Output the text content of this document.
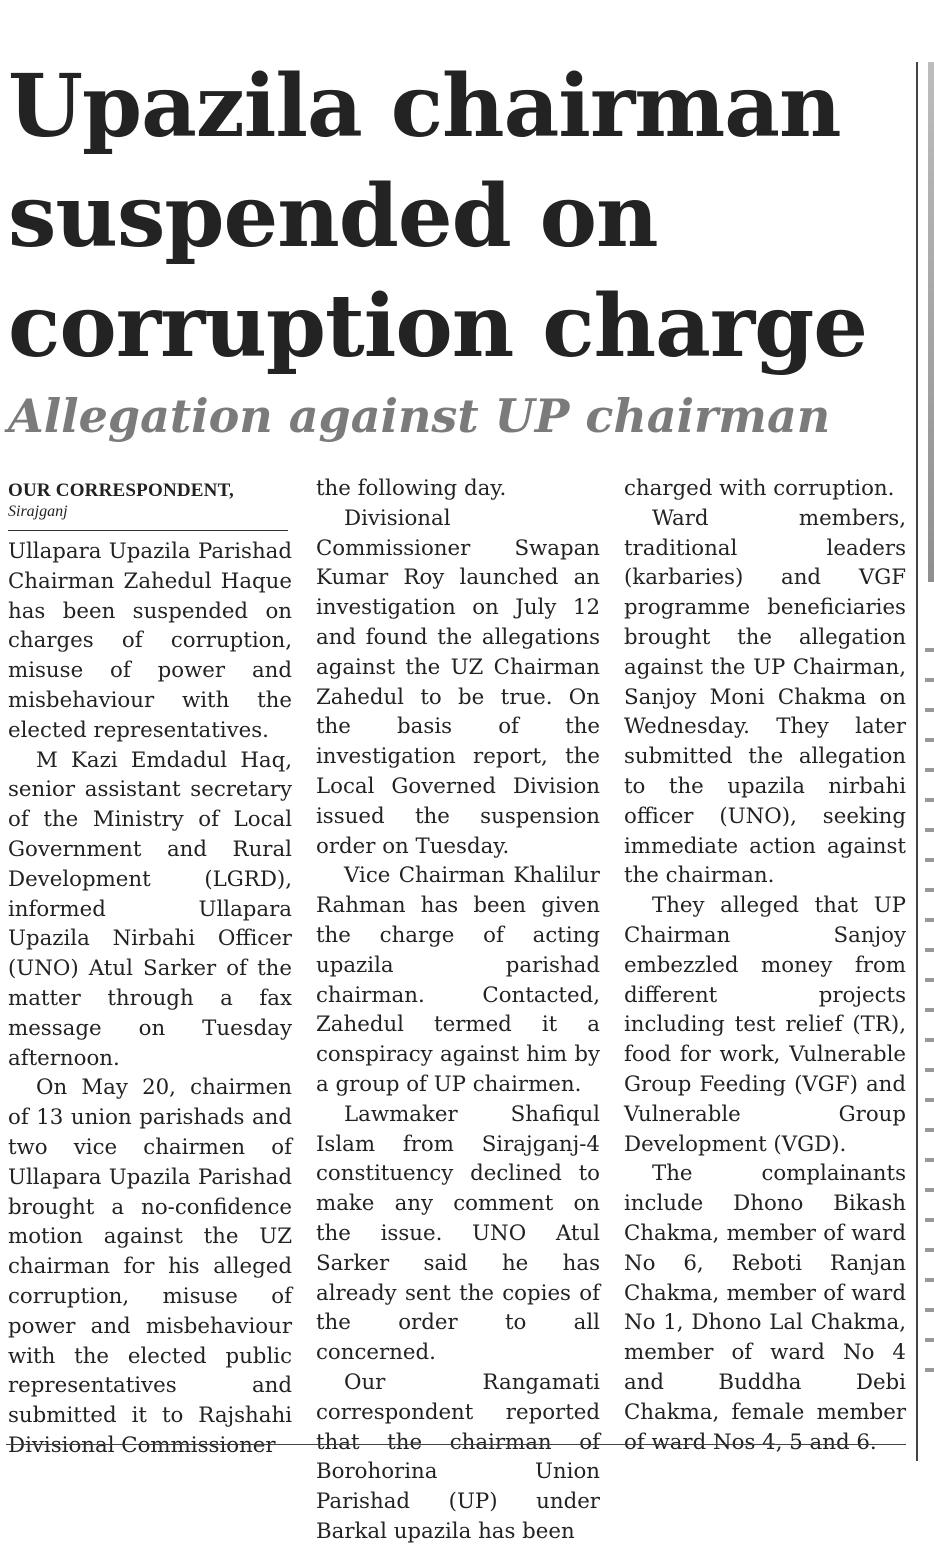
Upazila chairman suspended on corruption charge
Allegation against UP chairman
OUR CORRESPONDENT,
Sirajganj

Ullapara Upazila Parishad Chairman Zahedul Haque has been suspended on charges of corruption, misuse of power and misbehaviour with the elected representatives.

M Kazi Emdadul Haq, senior assistant secretary of the Ministry of Local Government and Rural Development (LGRD), informed Ullapara Upazila Nirbahi Officer (UNO) Atul Sarker of the matter through a fax message on Tuesday afternoon.

On May 20, chairmen of 13 union parishads and two vice chairmen of Ullapara Upazila Parishad brought a no-confidence motion against the UZ chairman for his alleged corruption, misuse of power and misbehaviour with the elected public representatives and submitted it to Rajshahi Divisional Commissioner

the following day.

Divisional Commissioner Swapan Kumar Roy launched an investigation on July 12 and found the allegations against the UZ Chairman Zahedul to be true. On the basis of the investigation report, the Local Governed Division issued the suspension order on Tuesday.

Vice Chairman Khalilur Rahman has been given the charge of acting upazila parishad chairman. Contacted, Zahedul termed it a conspiracy against him by a group of UP chairmen.

Lawmaker Shafiqul Islam from Sirajganj-4 constituency declined to make any comment on the issue. UNO Atul Sarker said he has already sent the copies of the order to all concerned.

Our Rangamati correspondent reported that the chairman of Borohorina Union Parishad (UP) under Barkal upazila has been

charged with corruption.

Ward members, traditional leaders (karbaries) and VGF programme beneficiaries brought the allegation against the UP Chairman, Sanjoy Moni Chakma on Wednesday. They later submitted the allegation to the upazila nirbahi officer (UNO), seeking immediate action against the chairman.

They alleged that UP Chairman Sanjoy embezzled money from different projects including test relief (TR), food for work, Vulnerable Group Feeding (VGF) and Vulnerable Group Development (VGD).

The complainants include Dhono Bikash Chakma, member of ward No 6, Reboti Ranjan Chakma, member of ward No 1, Dhono Lal Chakma, member of ward No 4 and Buddha Debi Chakma, female member of ward Nos 4, 5 and 6.
